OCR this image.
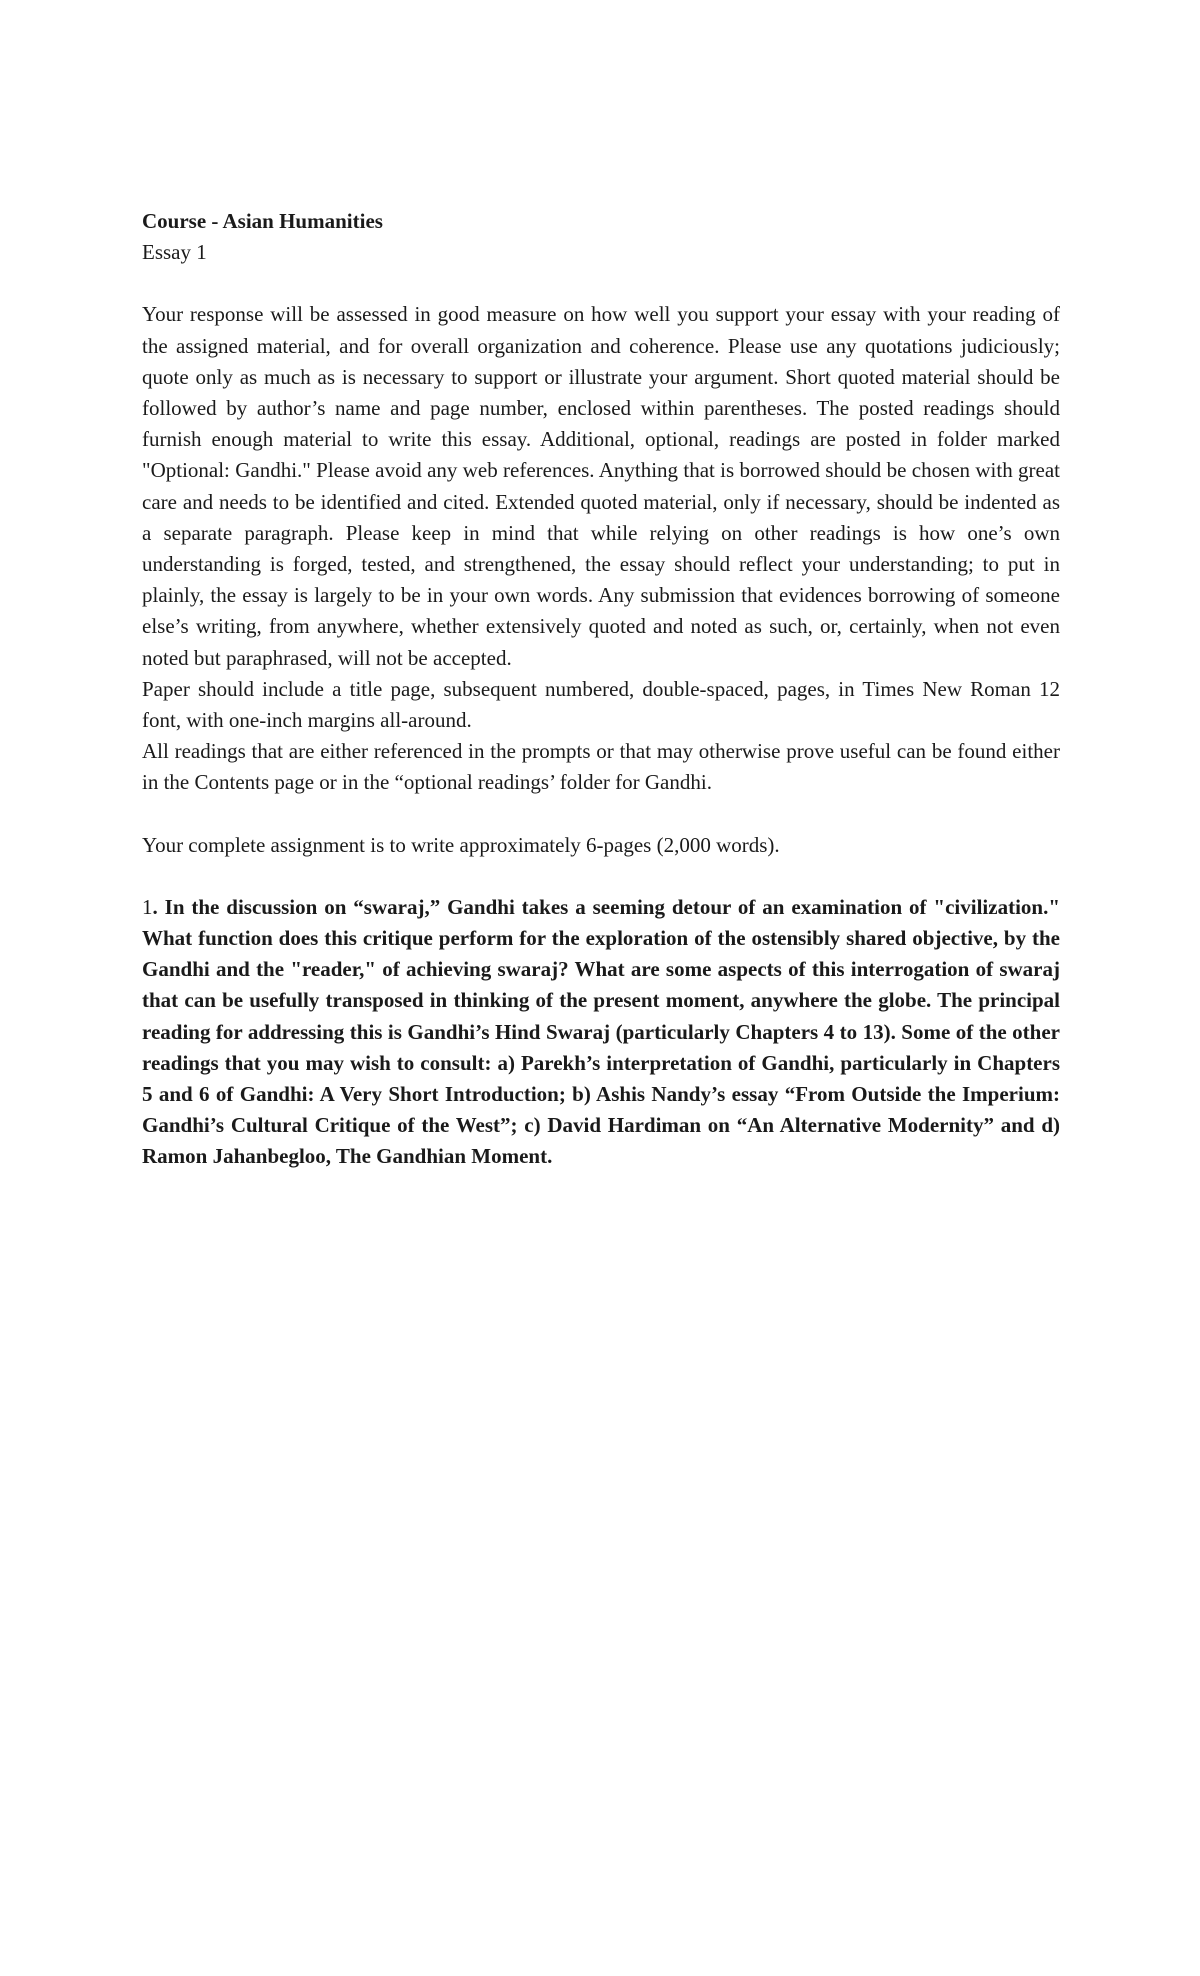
Course - Asian Humanities
Essay 1

Your response will be assessed in good measure on how well you support your essay with your reading of the assigned material, and for overall organization and coherence. Please use any quotations judiciously; quote only as much as is necessary to support or illustrate your argument. Short quoted material should be followed by author’s name and page number, enclosed within parentheses. The posted readings should furnish enough material to write this essay. Additional, optional, readings are posted in folder marked "Optional: Gandhi." Please avoid any web references. Anything that is borrowed should be chosen with great care and needs to be identified and cited. Extended quoted material, only if necessary, should be indented as a separate paragraph. Please keep in mind that while relying on other readings is how one’s own understanding is forged, tested, and strengthened, the essay should reflect your understanding; to put in plainly, the essay is largely to be in your own words. Any submission that evidences borrowing of someone else’s writing, from anywhere, whether extensively quoted and noted as such, or, certainly, when not even noted but paraphrased, will not be accepted.

Paper should include a title page, subsequent numbered, double-spaced, pages, in Times New Roman 12 font, with one-inch margins all-around.

All readings that are either referenced in the prompts or that may otherwise prove useful can be found either in the Contents page or in the “optional readings’ folder for Gandhi.

Your complete assignment is to write approximately 6-pages (2,000 words).

1. In the discussion on “swaraj,” Gandhi takes a seeming detour of an examination of "civilization." What function does this critique perform for the exploration of the ostensibly shared objective, by the Gandhi and the "reader," of achieving swaraj? What are some aspects of this interrogation of swaraj that can be usefully transposed in thinking of the present moment, anywhere the globe. The principal reading for addressing this is Gandhi’s Hind Swaraj (particularly Chapters 4 to 13). Some of the other readings that you may wish to consult: a) Parekh’s interpretation of Gandhi, particularly in Chapters 5 and 6 of Gandhi: A Very Short Introduction; b) Ashis Nandy’s essay “From Outside the Imperium: Gandhi’s Cultural Critique of the West”; c) David Hardiman on “An Alternative Modernity” and d) Ramon Jahanbegloo, The Gandhian Moment.
